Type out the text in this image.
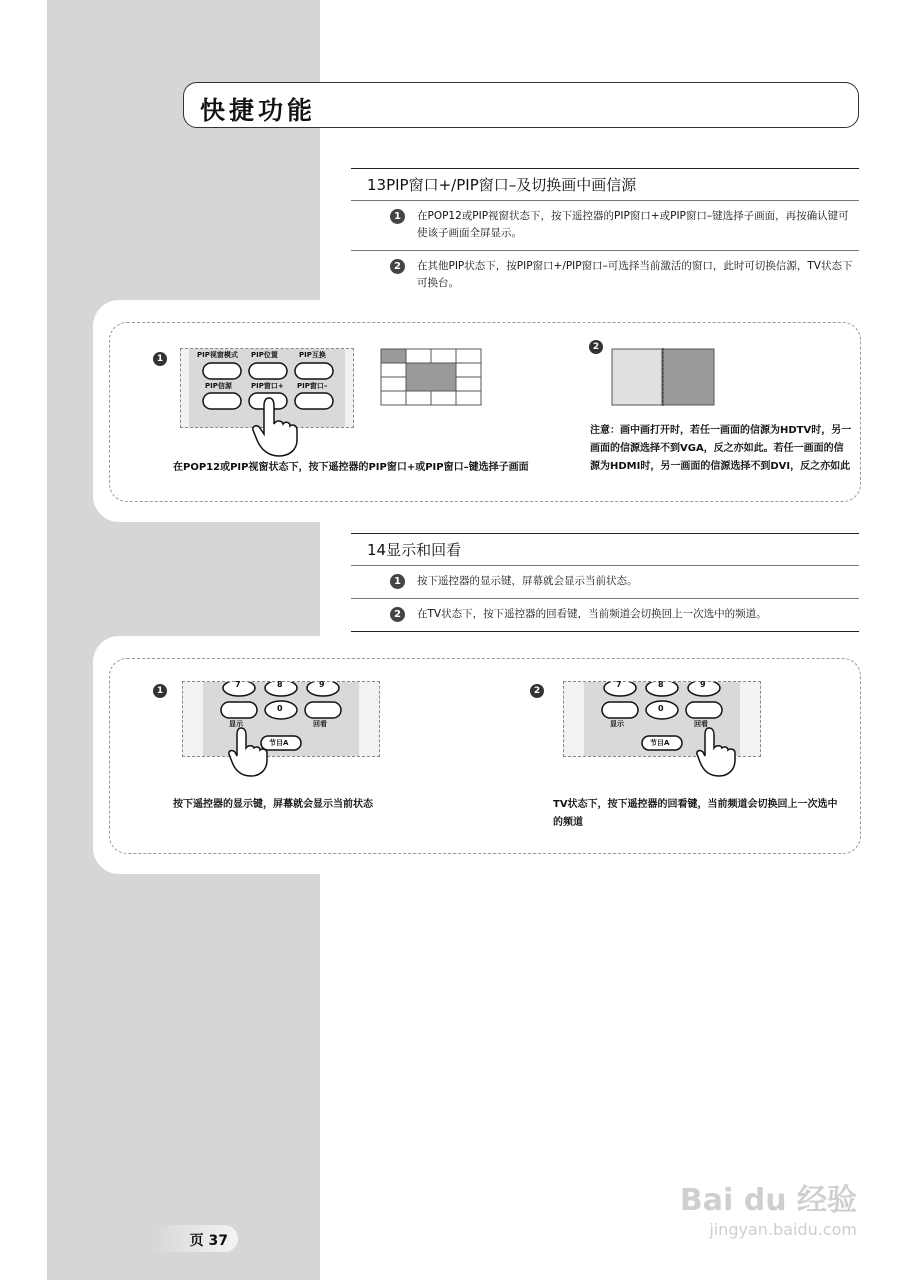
快捷功能
13PIP窗口+/PIP窗口–及切换画中画信源
1	在POP12或PIP视窗状态下，按下遥控器的PIP窗口+或PIP窗口–键选择子画面，再按确认键可使该子画面全屏显示。
2	在其他PIP状态下，按PIP窗口+/PIP窗口–可选择当前激活的窗口，此时可切换信源，TV状态下可换台。
1	PIP视窗模式 PIP位置	PIP互换
PIP信源	PIP窗口+ PIP窗口–
2
在POP12或PIP视窗状态下，按下遥控器的PIP窗口+或PIP窗口–键选择子画面
注意：画中画打开时，若任一画面的信源为HDTV时，另一画面的信源选择不到VGA，反之亦如此。若任一画面的信源为HDMI时，另一画面的信源选择不到DVI，反之亦如此
14显示和回看
1	按下遥控器的显示键，屏幕就会显示当前状态。
2	在TV状态下，按下遥控器的回看键，当前频道会切换回上一次选中的频道。
1
7	8	9
显示
0
回看
节目A
2
7	8	9
显示
0
回看
节目A
按下遥控器的显示键，屏幕就会显示当前状态	TV状态下，按下遥控器的回看键，当前频道会切换回上一次选中的频道
页 37
Bai du 经验
jingyan.baidu.com
